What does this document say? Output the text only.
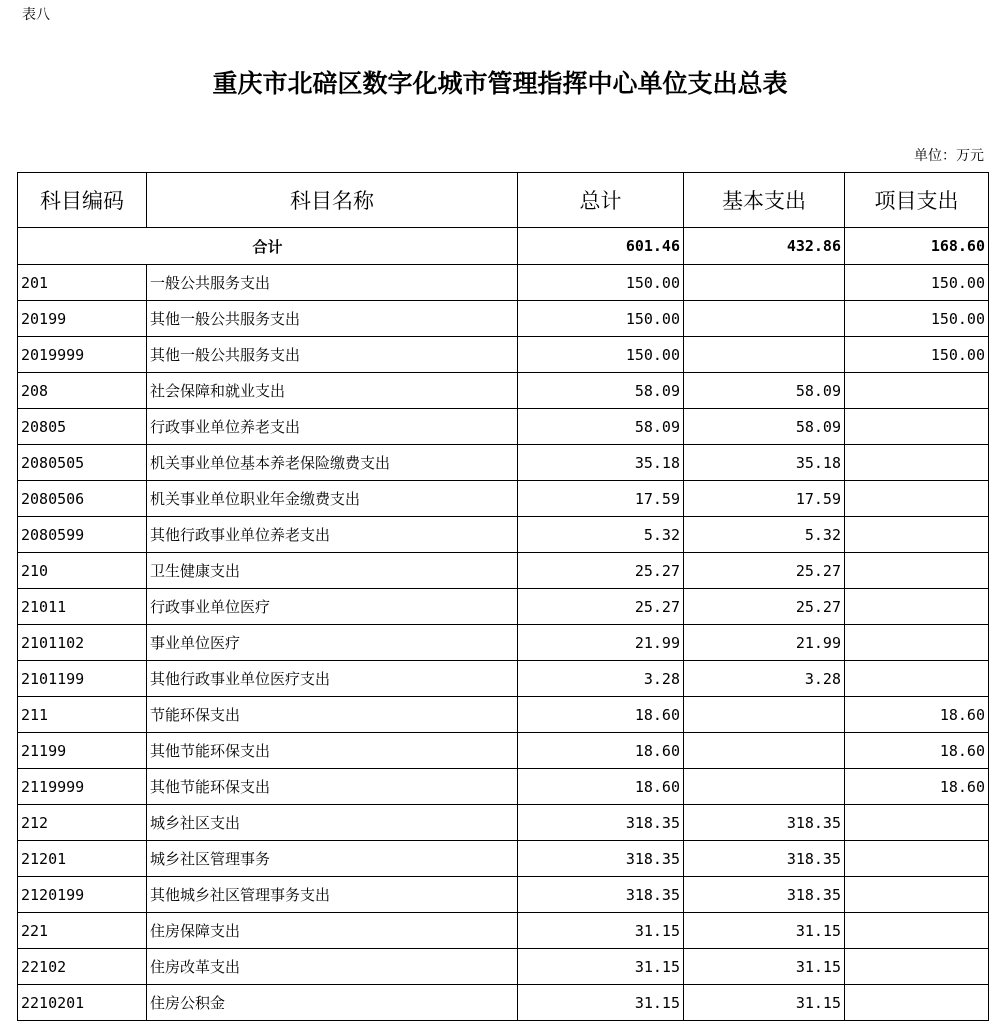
表八
重庆市北碚区数字化城市管理指挥中心单位支出总表
单位：万元
科目编码	科目名称	总计	基本支出	项目支出
合计		601.46	432.86	168.60
201	一般公共服务支出	150.00		150.00
20199	其他一般公共服务支出	150.00		150.00
2019999	其他一般公共服务支出	150.00		150.00
208	社会保障和就业支出	58.09	58.09	
20805	行政事业单位养老支出	58.09	58.09	
2080505	机关事业单位基本养老保险缴费支出	35.18	35.18	
2080506	机关事业单位职业年金缴费支出	17.59	17.59	
2080599	其他行政事业单位养老支出	5.32	5.32	
210	卫生健康支出	25.27	25.27	
21011	行政事业单位医疗	25.27	25.27	
2101102	事业单位医疗	21.99	21.99	
2101199	其他行政事业单位医疗支出	3.28	3.28	
211	节能环保支出	18.60		18.60
21199	其他节能环保支出	18.60		18.60
2119999	其他节能环保支出	18.60		18.60
212	城乡社区支出	318.35	318.35	
21201	城乡社区管理事务	318.35	318.35	
2120199	其他城乡社区管理事务支出	318.35	318.35	
221	住房保障支出	31.15	31.15	
22102	住房改革支出	31.15	31.15	
2210201	住房公积金	31.15	31.15	
